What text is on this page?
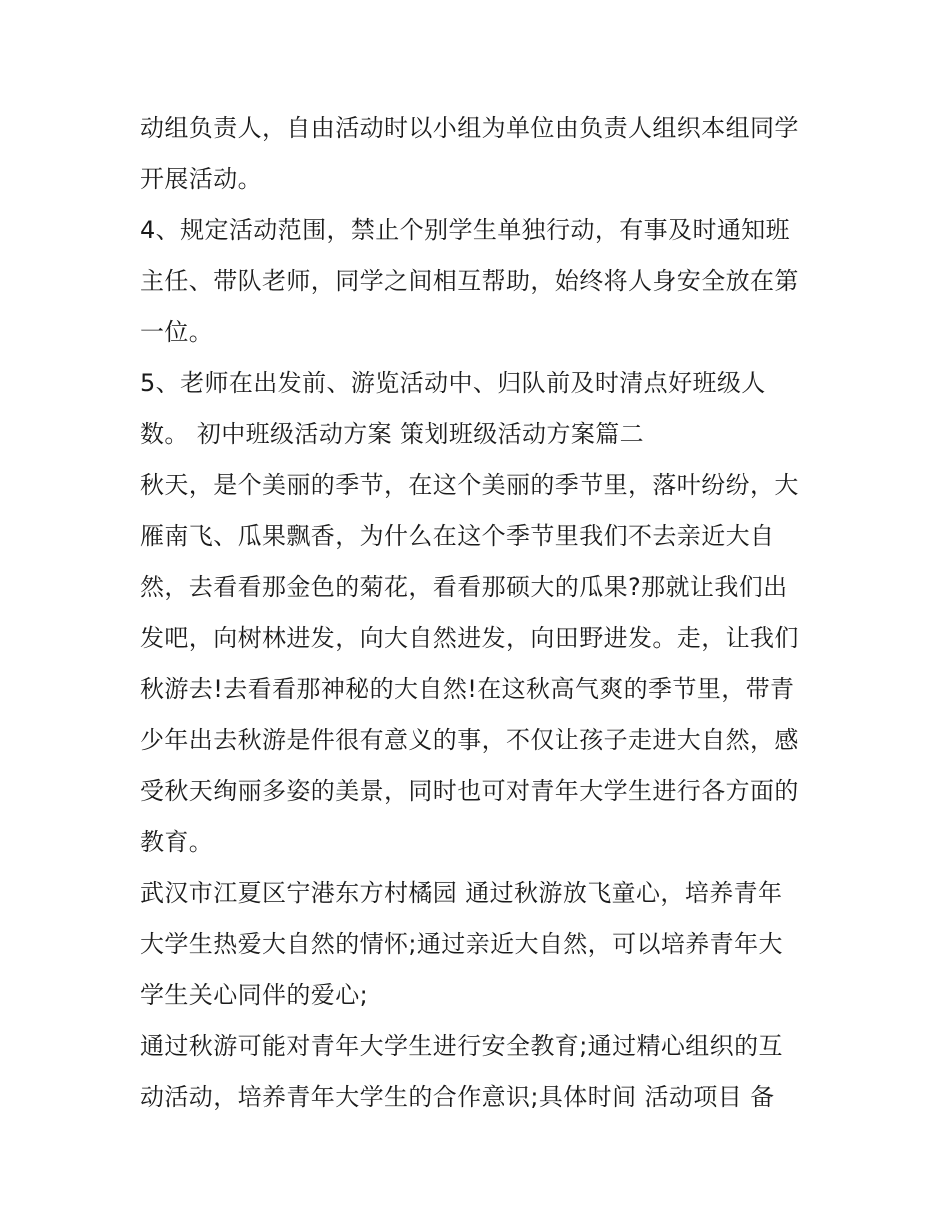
动组负责人，自由活动时以小组为单位由负责人组织本组同学

开展活动。

4、规定活动范围，禁止个别学生单独行动，有事及时通知班

主任、带队老师，同学之间相互帮助，始终将人身安全放在第

一位。

5、老师在出发前、游览活动中、归队前及时清点好班级人

数。 初中班级活动方案 策划班级活动方案篇二

秋天，是个美丽的季节，在这个美丽的季节里，落叶纷纷，大

雁南飞、瓜果飘香，为什么在这个季节里我们不去亲近大自

然，去看看那金色的菊花，看看那硕大的瓜果?那就让我们出

发吧，向树林进发，向大自然进发，向田野进发。走，让我们

秋游去!去看看那神秘的大自然!在这秋高气爽的季节里，带青

少年出去秋游是件很有意义的事，不仅让孩子走进大自然，感

受秋天绚丽多姿的美景，同时也可对青年大学生进行各方面的

教育。

武汉市江夏区宁港东方村橘园 通过秋游放飞童心，培养青年

大学生热爱大自然的情怀;通过亲近大自然，可以培养青年大

学生关心同伴的爱心;

通过秋游可能对青年大学生进行安全教育;通过精心组织的互

动活动，培养青年大学生的合作意识;具体时间 活动项目 备
